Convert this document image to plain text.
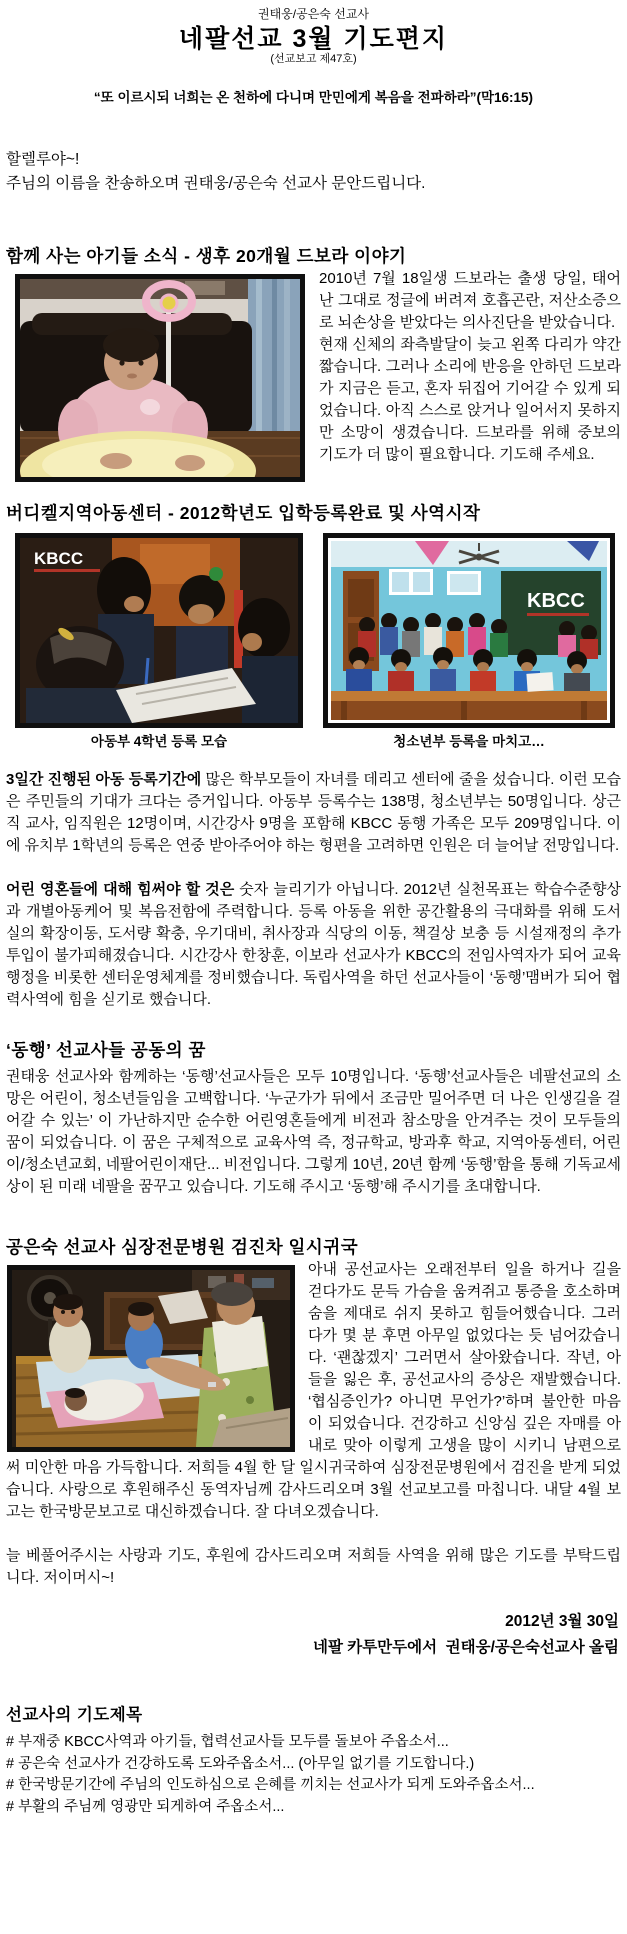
권태웅/공은숙 선교사
네팔선교 3월 기도편지
(선교보고 제47호)
“또 이르시되 너희는 온 천하에 다니며 만민에게 복음을 전파하라”(막16:15)
할렐루야~!
주님의 이름을 찬송하오며 권태웅/공은숙 선교사 문안드립니다.
함께 사는 아기들 소식 - 생후 20개월 드보라 이야기
2010년 7월 18일생 드보라는 출생 당일, 태어난 그대로 정글에 버려져 호흡곤란, 저산소증으로 뇌손상을 받았다는 의사진단을 받았습니다.
현재 신체의 좌측발달이 늦고 왼쪽 다리가 약간 짧습니다. 그러나 소리에 반응을 안하던 드보라가 지금은 듣고, 혼자 뒤집어 기어갈 수 있게 되었습니다. 아직 스스로 앉거나 일어서지 못하지만 소망이 생겼습니다. 드보라를 위해 중보의 기도가 더 많이 필요합니다. 기도해 주세요.
버디켈지역아동센터 - 2012학년도 입학등록완료 및 사역시작
KBCC
KBCC
아동부 4학년 등록 모습	청소년부 등록을 마치고…
3일간 진행된 아동 등록기간에 많은 학부모들이 자녀를 데리고 센터에 줄을 섰습니다. 이런 모습은 주민들의 기대가 크다는 증거입니다. 아동부 등록수는 138명, 청소년부는 50명입니다. 상근직 교사, 임직원은 12명이며, 시간강사 9명을 포함해 KBCC 동행 가족은 모두 209명입니다. 이에 유치부 1학년의 등록은 연중 받아주어야 하는 형편을 고려하면 인원은 더 늘어날 전망입니다.
어린 영혼들에 대해 힘써야 할 것은 숫자 늘리기가 아닙니다. 2012년 실천목표는 학습수준향상과 개별아동케어 및 복음전함에 주력합니다. 등록 아동을 위한 공간활용의 극대화를 위해 도서실의 확장이동, 도서량 확충, 우기대비, 취사장과 식당의 이동, 책걸상 보충 등 시설재정의 추가투입이 불가피해졌습니다. 시간강사 한창훈, 이보라 선교사가 KBCC의 전임사역자가 되어 교육행정을 비롯한 센터운영체계를 정비했습니다. 독립사역을 하던 선교사들이 ‘동행’맴버가 되어 협력사역에 힘을 싣기로 했습니다.
‘동행’ 선교사들 공동의 꿈
권태웅 선교사와 함께하는 ‘동행’선교사들은 모두 10명입니다. ‘동행’선교사들은 네팔선교의 소망은 어린이, 청소년들임을 고백합니다. ‘누군가가 뒤에서 조금만 밀어주면 더 나은 인생길을 걸어갈 수 있는’ 이 가난하지만 순수한 어린영혼들에게 비전과 참소망을 안겨주는 것이 모두들의 꿈이 되었습니다. 이 꿈은 구체적으로 교육사역 즉, 정규학교, 방과후 학교, 지역아동센터, 어린이/청소년교회, 네팔어린이재단... 비전입니다. 그렇게 10년, 20년 함께 ‘동행’함을 통해 기독교세상이 된 미래 네팔을 꿈꾸고 있습니다. 기도해 주시고 ‘동행’해 주시기를 초대합니다.
공은숙 선교사 심장전문병원 검진차 일시귀국
아내 공선교사는 오래전부터 일을 하거나 길을 걷다가도 문득 가슴을 움켜쥐고 통증을 호소하며 숨을 제대로 쉬지 못하고 힘들어했습니다. 그러다가 몇 분 후면 아무일 없었다는 듯 넘어갔습니다. ‘괜찮겠지’ 그러면서 살아왔습니다. 작년, 아들을 잃은 후, 공선교사의 증상은 재발했습니다. ‘협심증인가? 아니면 무언가?’하며 불안한 마음이 되었습니다. 건강하고 신앙심 깊은 자매를 아내로 맞아 이렇게 고생을 많이 시키니 남편으로써 미안한 마음 가득합니다. 저희들 4월 한 달 일시귀국하여 심장전문병원에서 검진을 받게 되었습니다. 사랑으로 후원해주신 동역자님께 감사드리오며 3월 선교보고를 마칩니다. 내달 4월 보고는 한국방문보고로 대신하겠습니다. 잘 다녀오겠습니다.
늘 베풀어주시는 사랑과 기도, 후원에 감사드리오며 저희들 사역을 위해 많은 기도를 부탁드립니다. 저이머시~!
2012년 3월 30일
네팔 카투만두에서  권태웅/공은숙선교사 올림
선교사의 기도제목
# 부재중 KBCC사역과 아기들, 협력선교사들 모두를 돌보아 주옵소서...
# 공은숙 선교사가 건강하도록 도와주옵소서... (아무일 없기를 기도합니다.)
# 한국방문기간에 주님의 인도하심으로 은혜를 끼치는 선교사가 되게 도와주옵소서...
# 부활의 주님께 영광만 되게하여 주옵소서...
